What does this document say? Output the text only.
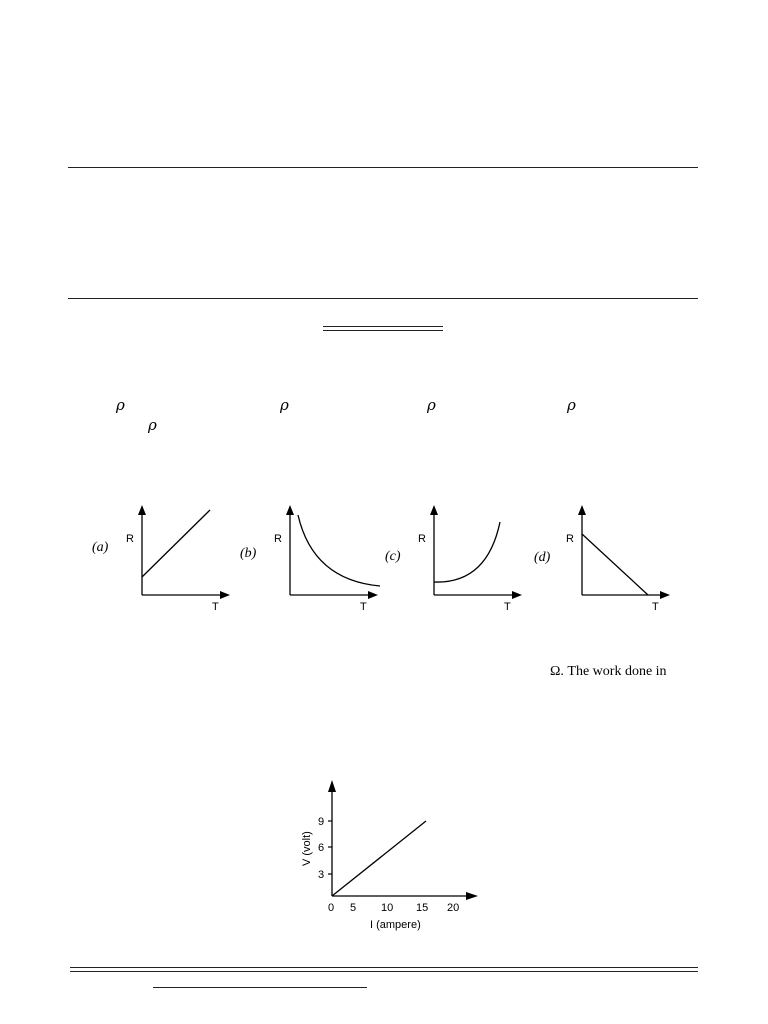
ρ	ρ	ρ	ρ
ρ
(a)	(b)	(c)	(d)
R
T
R
T
R
T
R
T
Ω. The work done in
3
6
9
0 5 10 15 20
I (ampere)
V (volt)
